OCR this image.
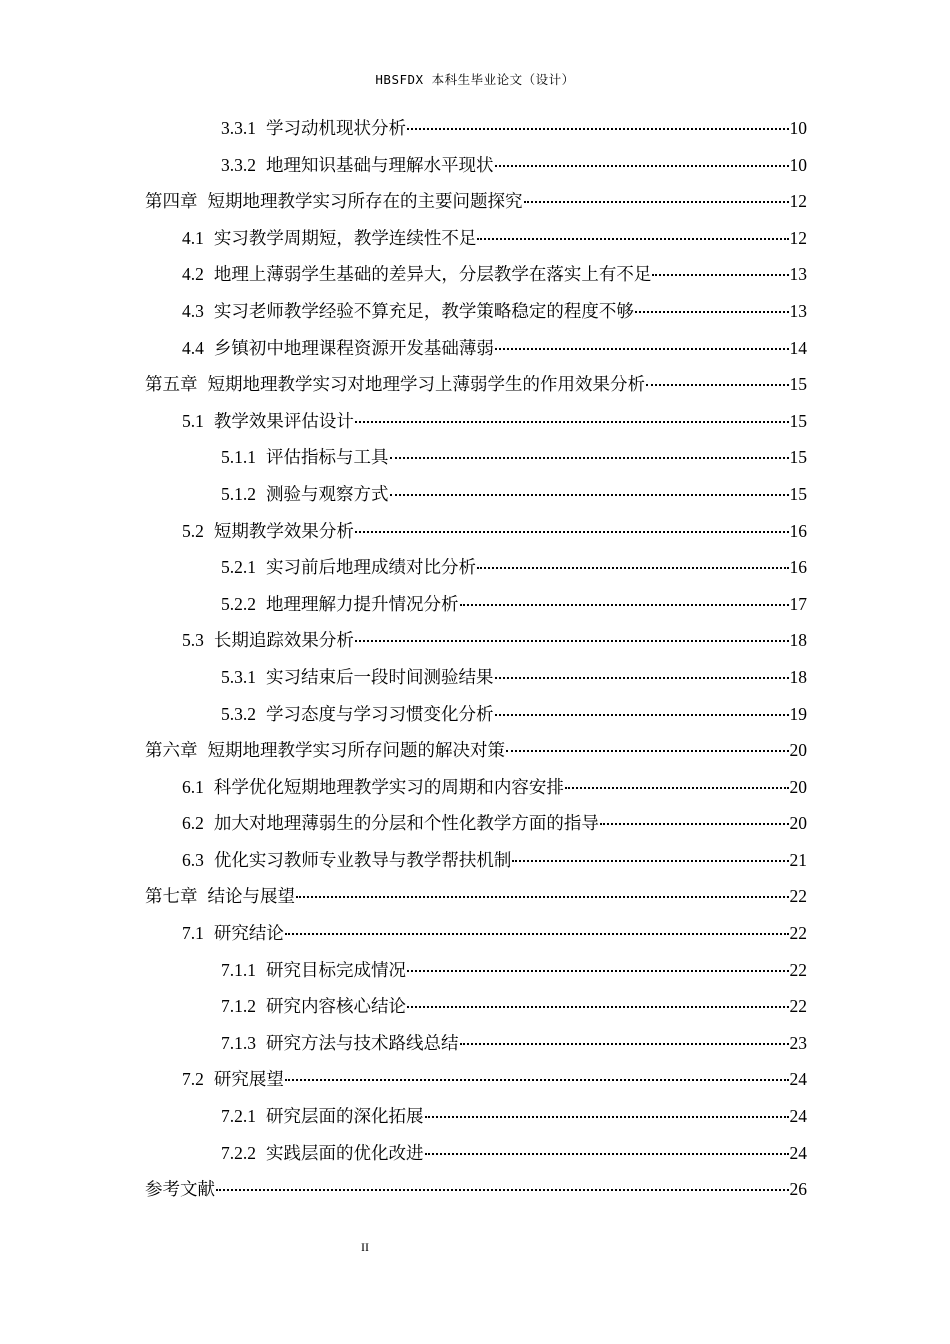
HBSFDX 本科生毕业论文（设计）
3.3.1 学习动机现状分析	10
3.3.2 地理知识基础与理解水平现状	10
第四章 短期地理教学实习所存在的主要问题探究	12
4.1 实习教学周期短，教学连续性不足	12
4.2 地理上薄弱学生基础的差异大，分层教学在落实上有不足	13
4.3 实习老师教学经验不算充足，教学策略稳定的程度不够	13
4.4 乡镇初中地理课程资源开发基础薄弱	14
第五章 短期地理教学实习对地理学习上薄弱学生的作用效果分析	15
5.1 教学效果评估设计	15
5.1.1 评估指标与工具	15
5.1.2 测验与观察方式	15
5.2 短期教学效果分析	16
5.2.1 实习前后地理成绩对比分析	16
5.2.2 地理理解力提升情况分析	17
5.3 长期追踪效果分析	18
5.3.1 实习结束后一段时间测验结果	18
5.3.2 学习态度与学习习惯变化分析	19
第六章 短期地理教学实习所存问题的解决对策	20
6.1 科学优化短期地理教学实习的周期和内容安排	20
6.2 加大对地理薄弱生的分层和个性化教学方面的指导	20
6.3 优化实习教师专业教导与教学帮扶机制	21
第七章 结论与展望	22
7.1 研究结论	22
7.1.1 研究目标完成情况	22
7.1.2 研究内容核心结论	22
7.1.3 研究方法与技术路线总结	23
7.2 研究展望	24
7.2.1 研究层面的深化拓展	24
7.2.2 实践层面的优化改进	24
参考文献	26
II
